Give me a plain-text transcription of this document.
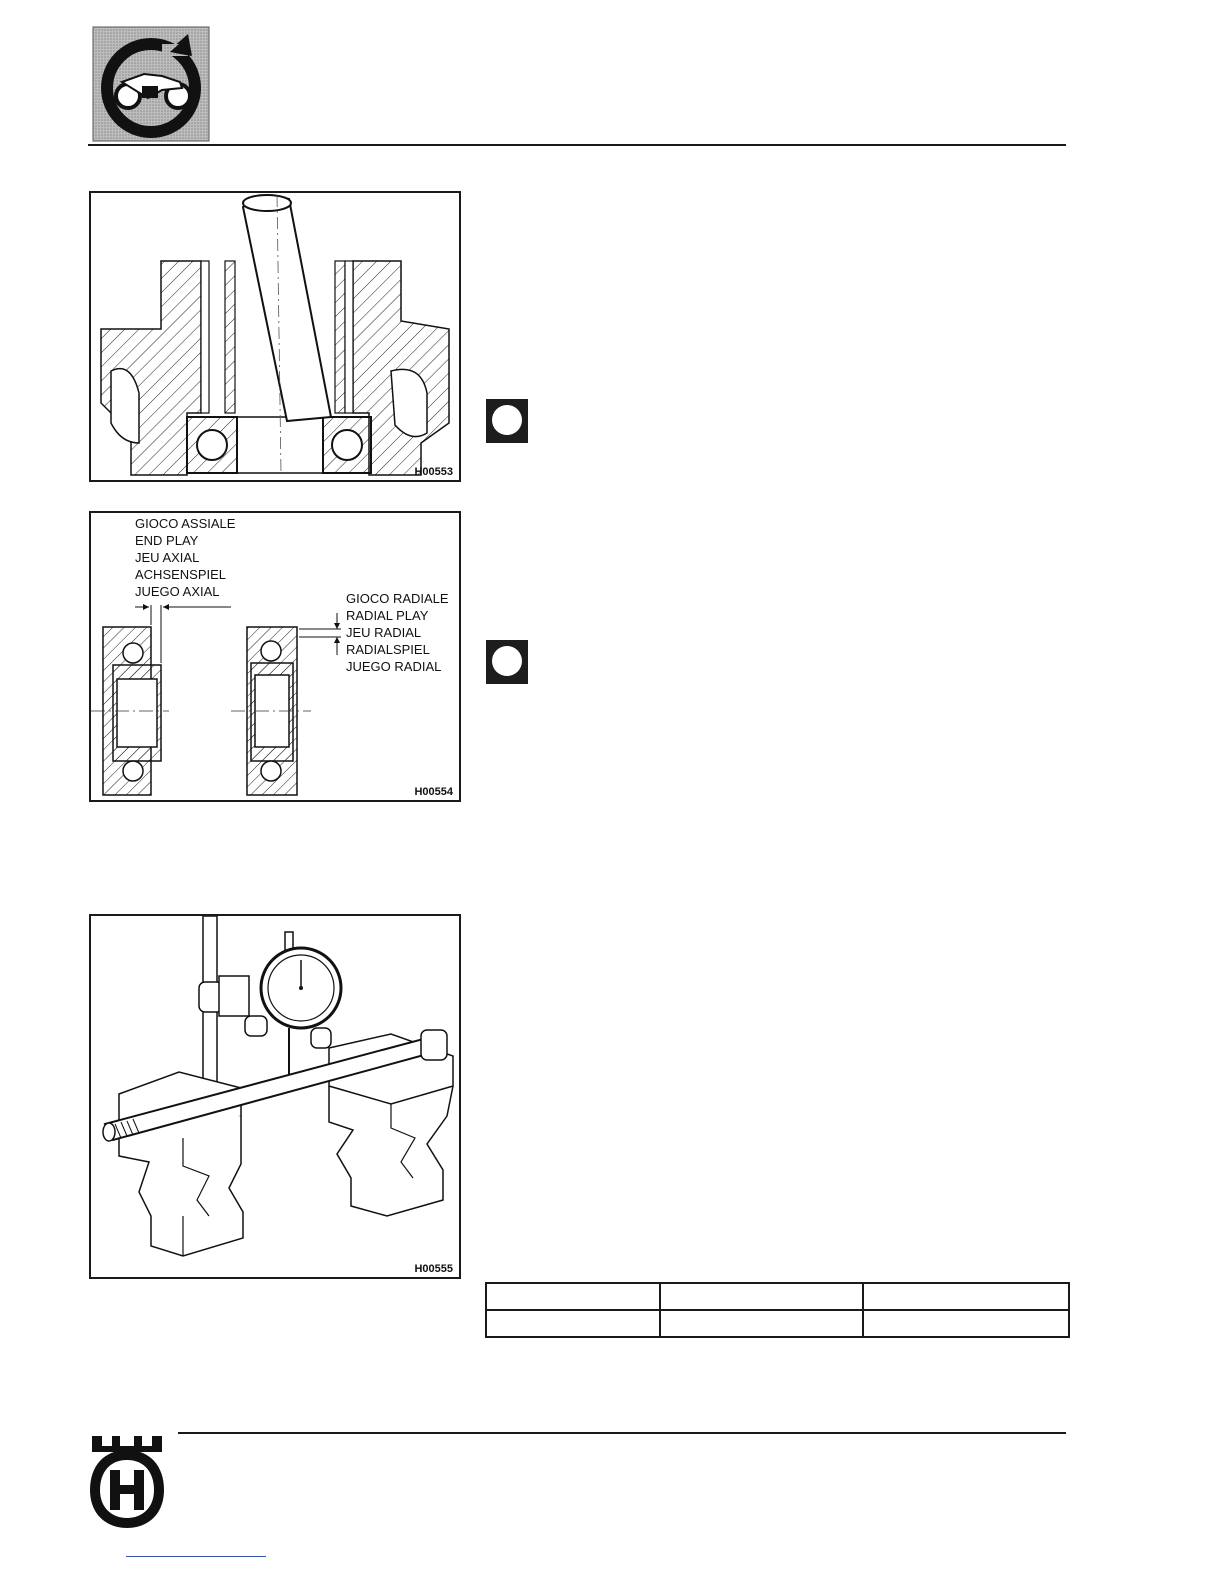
H00553
GIOCO ASSIALE
END PLAY
JEU AXIAL
ACHSENSPIEL
JUEGO AXIAL	GIOCO RADIALE
RADIAL PLAY
JEU RADIAL
RADIALSPIEL
JUEGO RADIAL
H00554
H00555
